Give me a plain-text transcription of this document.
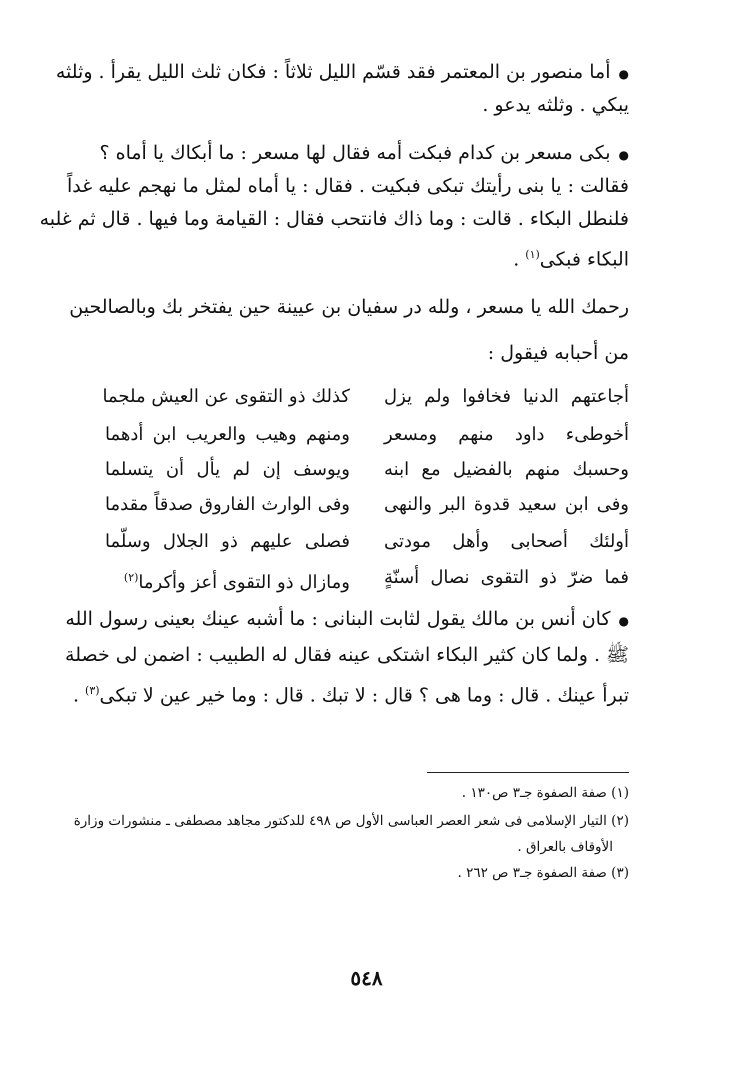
●أما منصور بن المعتمر فقد قسّم الليل ثلاثاً : فكان ثلث الليل يقرأ . وثلثه
يبكي . وثلثه يدعو .
●بكى مسعر بن كدام فبكت أمه فقال لها مسعر : ما أبكاك يا أماه ؟
فقالت : يا بنى رأيتك تبكى فبكيت . فقال : يا أماه لمثل ما نهجم عليه غداً
فلنطل البكاء . قالت : وما ذاك فانتحب فقال : القيامة وما فيها . قال ثم غلبه
البكاء فبكى$^{(١)}$ .
رحمك الله يا مسعر ، ولله در سفيان بن عيينة حين يفتخر بك وبالصالحين
من أحبابه فيقول :
أجاعتهم الدنيا فخافوا ولم يزل
كذلك ذو التقوى عن العيش ملجما
أخوطىء داود منهم ومسعر
ومنهم وهيب والعريب ابن أدهما
وحسبك منهم بالفضيل مع ابنه
ويوسف إن لم يأل أن يتسلما
وفى ابن سعيد قدوة البر والنهى
وفى الوارث الفاروق صدقاً مقدما
أولئك أصحابى وأهل مودتى
فصلى عليهم ذو الجلال وسلّما
فما ضرّ ذو التقوى نصال أسنّةٍ
ومازال ذو التقوى أعز وأكرما$^{(٢)}$
●كان أنس بن مالك يقول لثابت البنانى : ما أشبه عينك بعينى رسول الله
ﷺ . ولما كان كثير البكاء اشتكى عينه فقال له الطبيب : اضمن لى خصلة
تبرأ عينك . قال : وما هى ؟ قال : لا تبك . قال : وما خير عين لا تبكى$^{(٣)}$ .
(١) صفة الصفوة جـ٣ ص١٣٠ .
(٢) التيار الإسلامى فى شعر العصر العباسى الأول ص ٤٩٨ للدكتور مجاهد مصطفى ـ منشورات وزارة
الأوقاف بالعراق .
(٣) صفة الصفوة جـ٣ ص ٢٦٢ .
٥٤٨
